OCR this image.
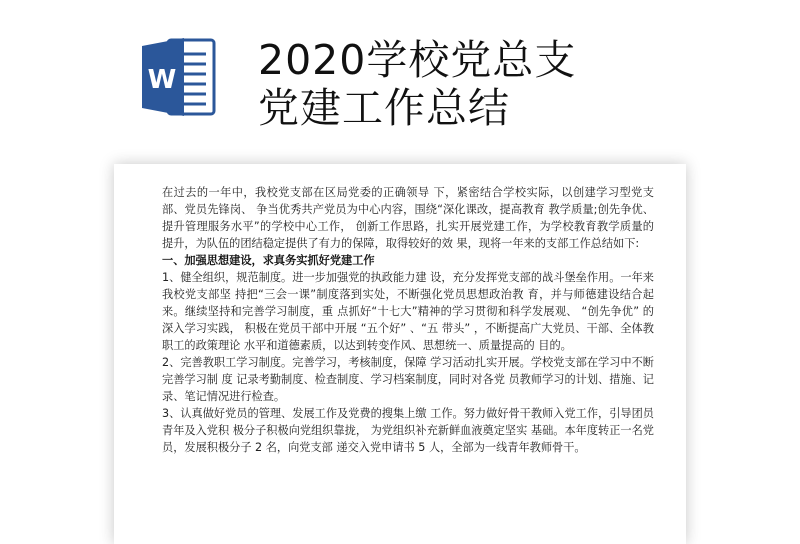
W 2020学校党总支
党建工作总结

在过去的一年中，我校党支部在区局党委的正确领导 下，紧密结合学校实际，以创建学习型党支部、党员先锋岗、 争当优秀共产党员为中心内容，围绕“深化课改，提高教育 教学质量;创先争优、提升管理服务水平”的学校中心工作， 创新工作思路，扎实开展党建工作，为学校教育教学质量的 提升，为队伍的团结稳定提供了有力的保障，取得较好的效 果，现将一年来的支部工作总结如下:

一、加强思想建设，求真务实抓好党建工作

1、健全组织，规范制度。进一步加强党的执政能力建 设，充分发挥党支部的战斗堡垒作用。一年来我校党支部坚 持把“三会一课”制度落到实处，不断强化党员思想政治教 育，并与师德建设结合起来。继续坚持和完善学习制度，重 点抓好“十七大”精神的学习贯彻和科学发展观、 “创先争优” 的深入学习实践， 积极在党员干部中开展 “五个好” 、“五 带头” ，不断提高广大党员、干部、全体教职工的政策理论 水平和道德素质，以达到转变作风、思想统一、质量提高的 目的。

2、完善教职工学习制度。完善学习，考核制度，保障 学习活动扎实开展。学校党支部在学习中不断完善学习制 度 记录考勤制度、检查制度、学习档案制度，同时对各党 员教师学习的计划、措施、记录、笔记情况进行检查。

3、认真做好党员的管理、发展工作及党费的搜集上缴 工作。努力做好骨干教师入党工作，引导团员青年及入党积 极分子积极向党组织靠拢， 为党组织补充新鲜血液奠定坚实 基础。本年度转正一名党员，发展积极分子 2 名，向党支部 递交入党申请书 5 人，全部为一线青年教师骨干。
